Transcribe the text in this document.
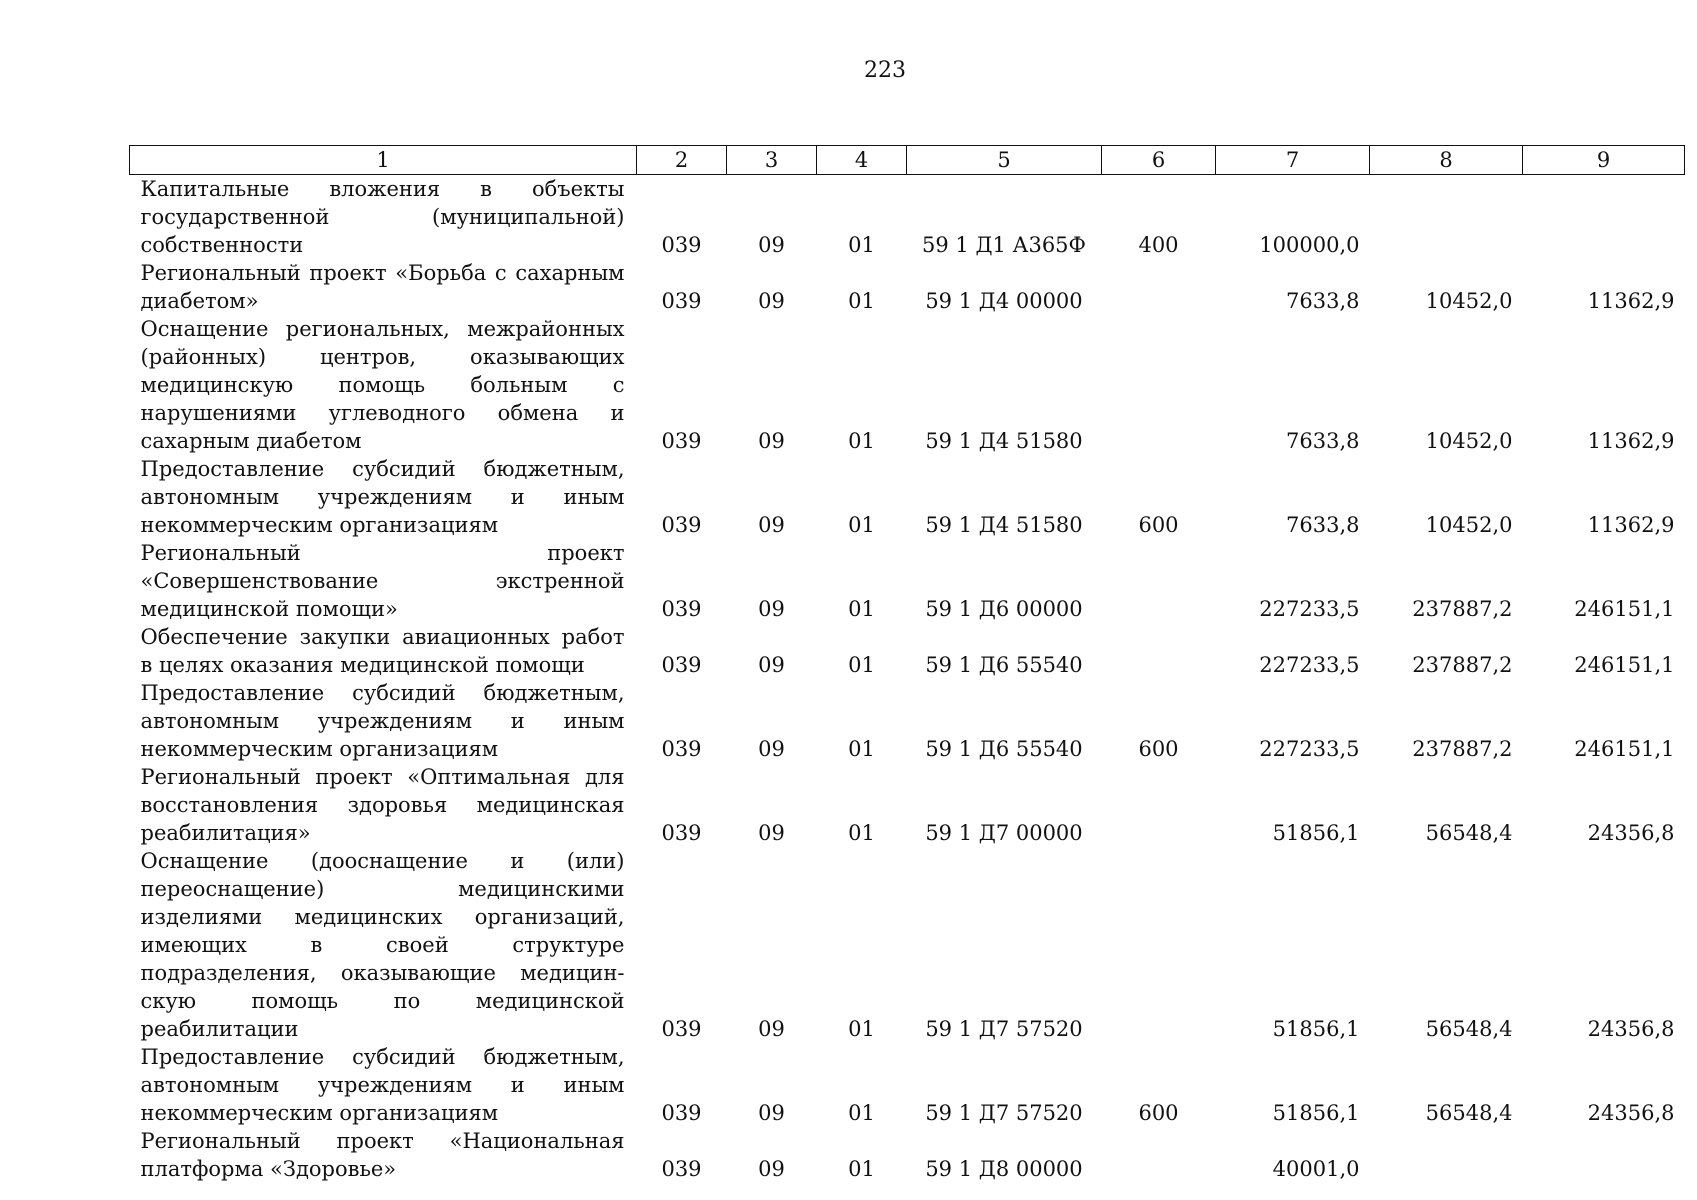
223
1	2	3	4	5	6	7	8	9
Капитальные вложения в объекты государственной (муниципальной) собственности	039	09	01	59 1 Д1 А365Ф	400	100000,0		
Региональный проект «Борьба с сахарным диабетом»	039	09	01	59 1 Д4 00000		7633,8	10452,0	11362,9
Оснащение региональных, межрайонных (районных) центров, оказывающих медицинскую помощь больным с нарушениями углеводного обмена и сахарным диабетом	039	09	01	59 1 Д4 51580		7633,8	10452,0	11362,9
Предоставление субсидий бюджетным, автономным учреждениям и иным некоммерческим организациям	039	09	01	59 1 Д4 51580	600	7633,8	10452,0	11362,9
Региональный проект «Совершенствование экстренной медицинской помощи»	039	09	01	59 1 Д6 00000		227233,5	237887,2	246151,1
Обеспечение закупки авиационных работ в целях оказания медицинской помощи	039	09	01	59 1 Д6 55540		227233,5	237887,2	246151,1
Предоставление субсидий бюджетным, автономным учреждениям и иным некоммерческим организациям	039	09	01	59 1 Д6 55540	600	227233,5	237887,2	246151,1
Региональный проект «Оптимальная для восстановления здоровья медицинская реабилитация»	039	09	01	59 1 Д7 00000		51856,1	56548,4	24356,8
Оснащение (дооснащение и (или) переоснащение) медицинскими изделиями медицинских организаций, имеющих в своей структуре подразделения, оказывающие медицинскую помощь по медицинской реабилитации	039	09	01	59 1 Д7 57520		51856,1	56548,4	24356,8
Предоставление субсидий бюджетным, автономным учреждениям и иным некоммерческим организациям	039	09	01	59 1 Д7 57520	600	51856,1	56548,4	24356,8
Региональный проект «Национальная платформа «Здоровье»	039	09	01	59 1 Д8 00000		40001,0		
